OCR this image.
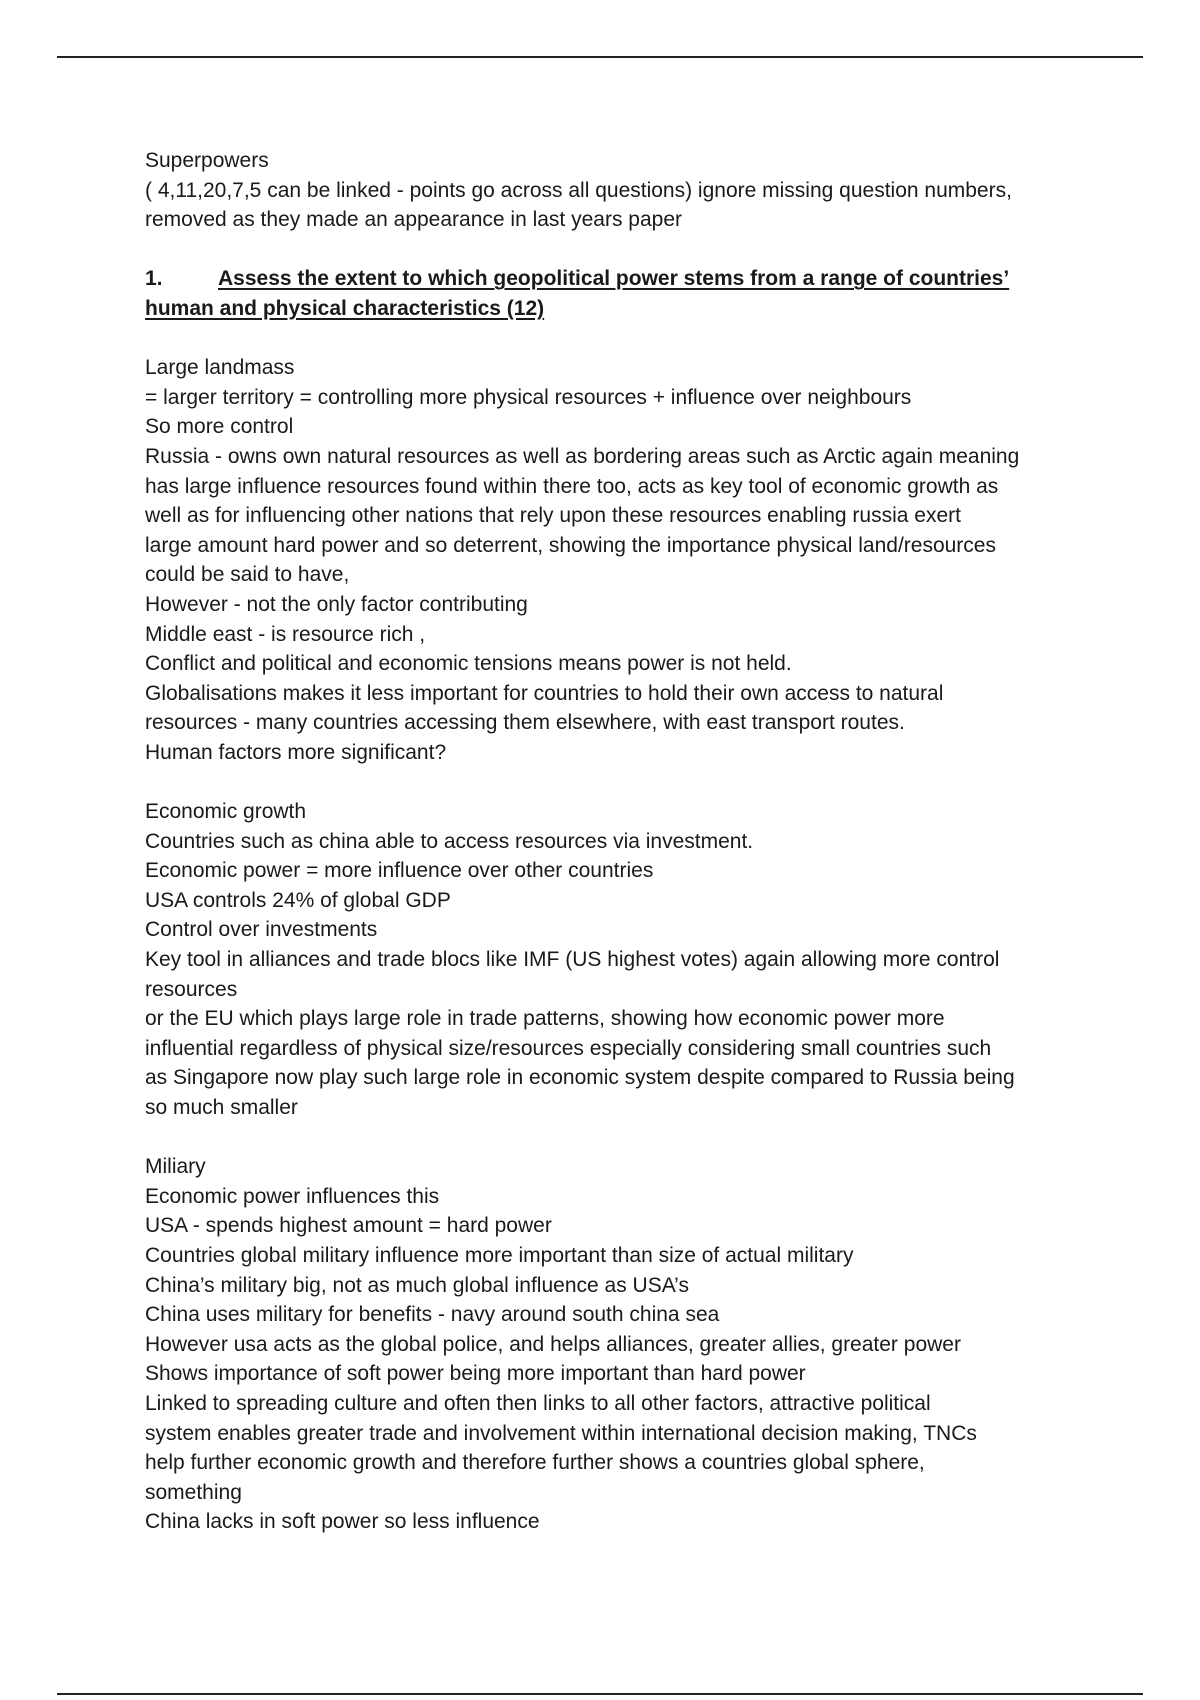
Superpowers
( 4,11,20,7,5 can be linked - points go across all questions) ignore missing question numbers,
removed as they made an appearance in last years paper
1.	Assess the extent to which geopolitical power stems from a range of countries’
human and physical characteristics (12)
Large landmass
= larger territory = controlling more physical resources + influence over neighbours
So more control
Russia - owns own natural resources as well as bordering areas such as Arctic again meaning
has large influence resources found within there too, acts as key tool of economic growth as
well as for influencing other nations that rely upon these resources enabling russia exert
large amount hard power and so deterrent, showing the importance physical land/resources
could be said to have,
However - not the only factor contributing
Middle east - is resource rich ,
Conflict and political and economic tensions means power is not held.
Globalisations makes it less important for countries to hold their own access to natural
resources - many countries accessing them elsewhere, with east transport routes.
Human factors more significant?
Economic growth
Countries such as china able to access resources via investment.
Economic power = more influence over other countries
USA controls 24% of global GDP
Control over investments
Key tool in alliances and trade blocs like IMF (US highest votes) again allowing more control
resources
or the EU which plays large role in trade patterns, showing how economic power more
influential regardless of physical size/resources especially considering small countries such
as Singapore now play such large role in economic system despite compared to Russia being
so much smaller
Miliary
Economic power influences this
USA - spends highest amount = hard power
Countries global military influence more important than size of actual military
China’s military big, not as much global influence as USA’s
China uses military for benefits - navy around south china sea
However usa acts as the global police, and helps alliances, greater allies, greater power
Shows importance of soft power being more important than hard power
Linked to spreading culture and often then links to all other factors, attractive political
system enables greater trade and involvement within international decision making, TNCs
help further economic growth and therefore further shows a countries global sphere,
something
China lacks in soft power so less influence
